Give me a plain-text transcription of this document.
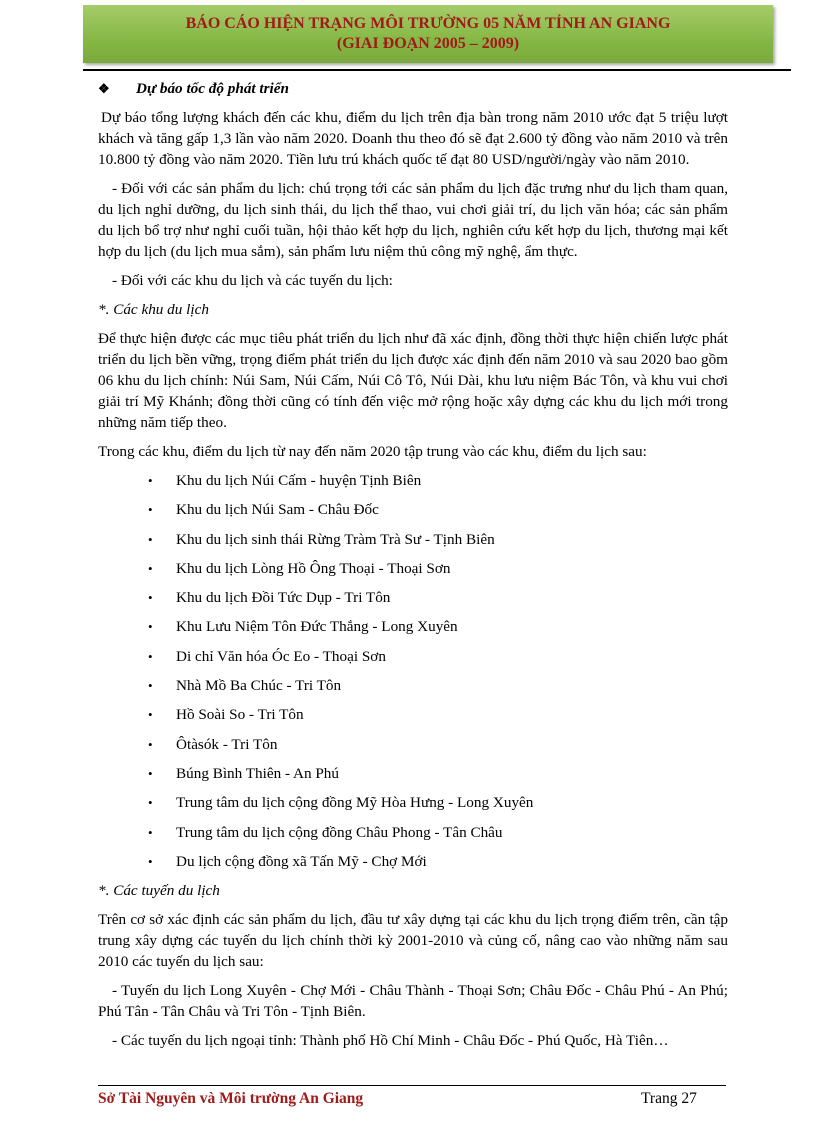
BÁO CÁO HIỆN TRẠNG MÔI TRƯỜNG 05 NĂM TỈNH AN GIANG
(GIAI ĐOẠN 2005 – 2009)
❖ Dự báo tốc độ phát triển

Dự báo tổng lượng khách đến các khu, điểm du lịch trên địa bàn trong năm 2010 ước đạt 5 triệu lượt khách và tăng gấp 1,3 lần vào năm 2020. Doanh thu theo đó sẽ đạt 2.600 tỷ đồng vào năm 2010 và trên 10.800 tỷ đồng vào năm 2020. Tiền lưu trú khách quốc tế đạt 80 USD/người/ngày vào năm 2010.

- Đối với các sản phẩm du lịch: chú trọng tới các sản phẩm du lịch đặc trưng như du lịch tham quan, du lịch nghỉ dưỡng, du lịch sinh thái, du lịch thể thao, vui chơi giải trí, du lịch văn hóa; các sản phẩm du lịch bổ trợ như nghỉ cuối tuần, hội thảo kết hợp du lịch, nghiên cứu kết hợp du lịch, thương mại kết hợp du lịch (du lịch mua sắm), sản phẩm lưu niệm thủ công mỹ nghệ, ẩm thực.

- Đối với các khu du lịch và các tuyến du lịch:

*. Các khu du lịch

Để thực hiện được các mục tiêu phát triển du lịch như đã xác định, đồng thời thực hiện chiến lược phát triển du lịch bền vững, trọng điểm phát triển du lịch được xác định đến năm 2010 và sau 2020 bao gồm 06 khu du lịch chính: Núi Sam, Núi Cấm, Núi Cô Tô, Núi Dài, khu lưu niệm Bác Tôn, và khu vui chơi giải trí Mỹ Khánh; đồng thời cũng có tính đến việc mở rộng hoặc xây dựng các khu du lịch mới trong những năm tiếp theo.

Trong các khu, điểm du lịch từ nay đến năm 2020 tập trung vào các khu, điểm du lịch sau:

• Khu du lịch Núi Cấm - huyện Tịnh Biên
• Khu du lịch Núi Sam - Châu Đốc
• Khu du lịch sinh thái Rừng Tràm Trà Sư - Tịnh Biên
• Khu du lịch Lòng Hồ Ông Thoại - Thoại Sơn
• Khu du lịch Đồi Tức Dụp - Tri Tôn
• Khu Lưu Niệm Tôn Đức Thắng - Long Xuyên
• Di chỉ Văn hóa Óc Eo - Thoại Sơn
• Nhà Mồ Ba Chúc - Tri Tôn
• Hồ Soài So - Tri Tôn
• Ôtàsók - Tri Tôn
• Búng Bình Thiên - An Phú
• Trung tâm du lịch cộng đồng Mỹ Hòa Hưng - Long Xuyên
• Trung tâm du lịch cộng đồng Châu Phong - Tân Châu
• Du lịch cộng đồng xã Tấn Mỹ - Chợ Mới
*. Các tuyến du lịch

Trên cơ sở xác định các sản phẩm du lịch, đầu tư xây dựng tại các khu du lịch trọng điểm trên, cần tập trung xây dựng các tuyến du lịch chính thời kỳ 2001-2010 và củng cố, nâng cao vào những năm sau 2010 các tuyến du lịch sau:

- Tuyến du lịch Long Xuyên - Chợ Mới - Châu Thành - Thoại Sơn; Châu Đốc - Châu Phú - An Phú; Phú Tân - Tân Châu và Tri Tôn - Tịnh Biên.

- Các tuyến du lịch ngoại tỉnh: Thành phố Hồ Chí Minh - Châu Đốc - Phú Quốc, Hà Tiên…

Sở Tài Nguyên và Môi trường An Giang	Trang 27
